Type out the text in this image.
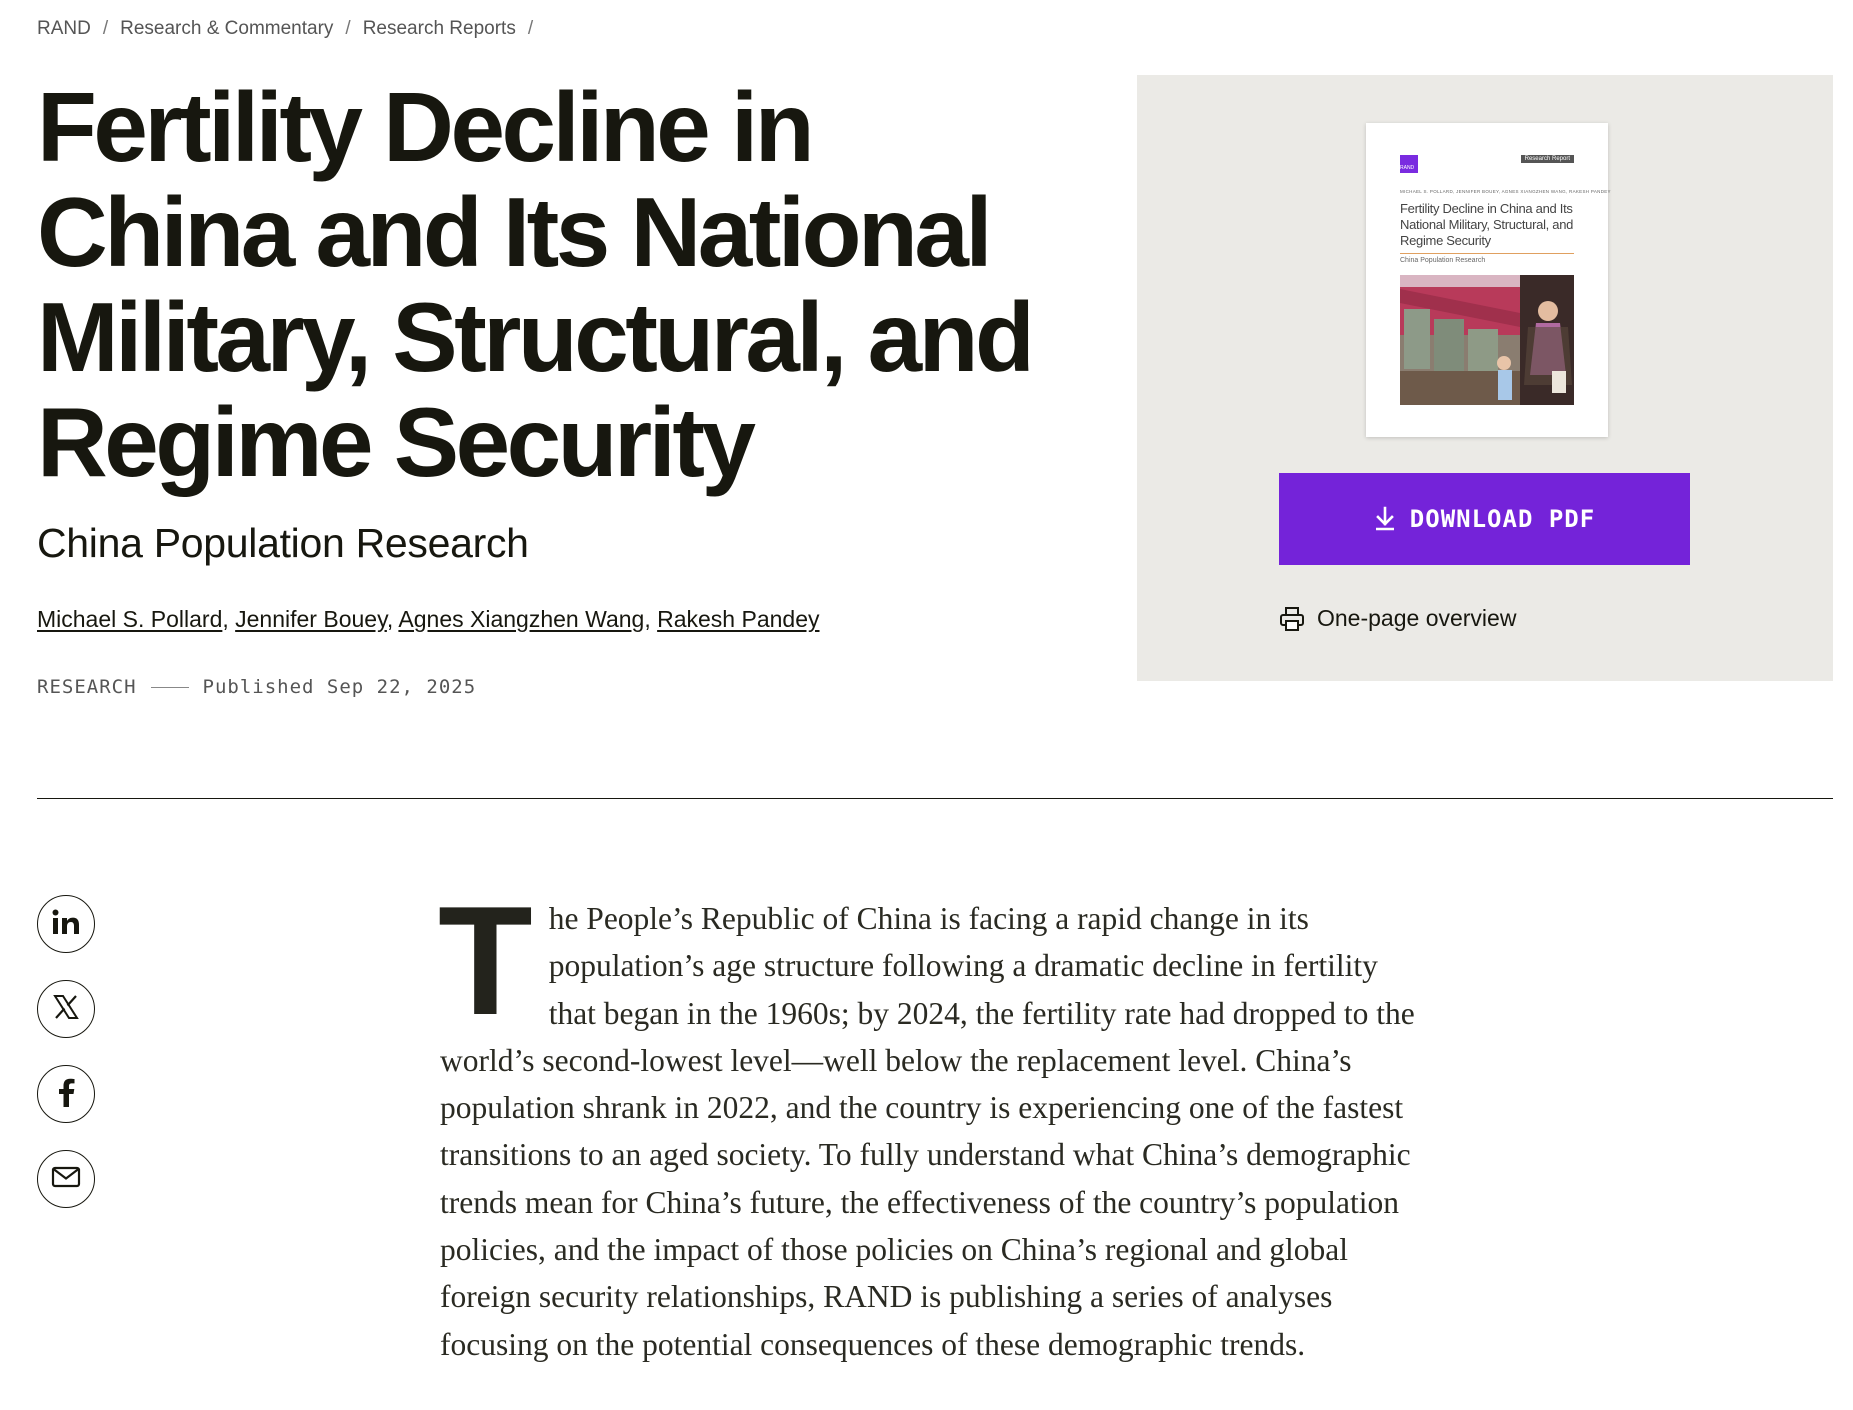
RAND / Research & Commentary / Research Reports /
Fertility Decline in China and Its National Military, Structural, and Regime Security
China Population Research
Michael S. Pollard, Jennifer Bouey, Agnes Xiangzhen Wang, Rakesh Pandey
RESEARCH	Published Sep 22, 2025
RAND
Research Report
MICHAEL S. POLLARD, JENNIFER BOUEY, AGNES XIANGZHEN WANG, RAKESH PANDEY
Fertility Decline in China and Its National Military, Structural, and Regime Security
China Population Research
DOWNLOAD PDF
One-page overview

The People’s Republic of China is facing a rapid change in its population’s age structure following a dramatic decline in fertility that began in the 1960s; by 2024, the fertility rate had dropped to the world’s second-lowest level—well below the replacement level. China’s population shrank in 2022, and the country is experiencing one of the fastest transitions to an aged society. To fully understand what China’s demographic trends mean for China’s future, the effectiveness of the country’s population policies, and the impact of those policies on China’s regional and global foreign security relationships, RAND is publishing a series of analyses focusing on the potential consequences of these demographic trends.
